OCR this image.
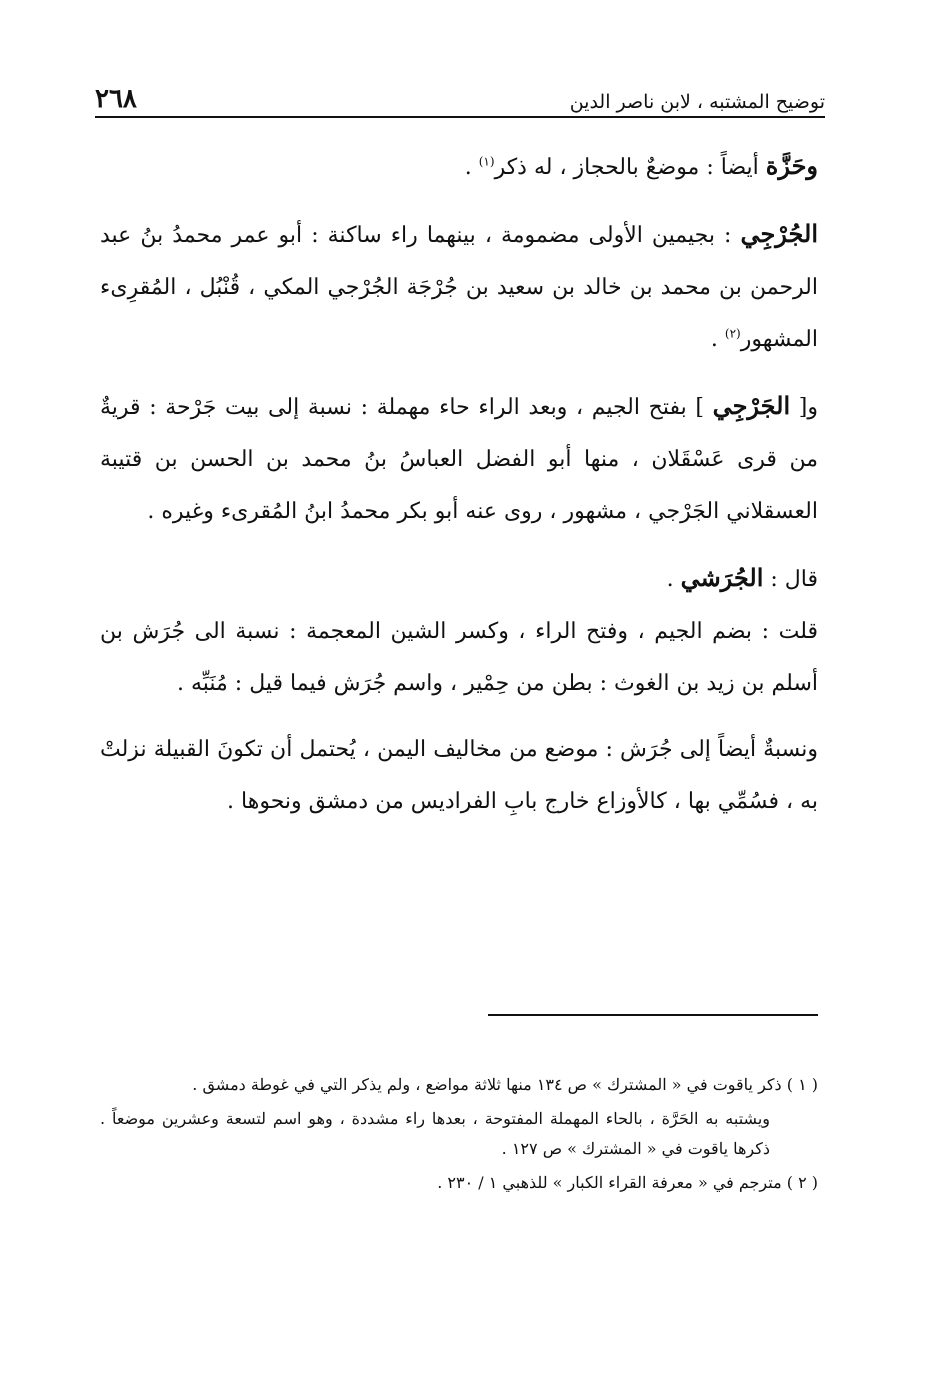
توضيح المشتبه ، لابن ناصر الدين
٢٦٨

وحَزَّة أيضاً : موضعٌ بالحجاز ، له ذكر$^{(١)}$ .

الجُرْجِي : بجيمين الأولى مضمومة ، بينهما راء ساكنة : أبو عمر محمدُ بنُ عبد الرحمن بن محمد بن خالد بن سعيد بن جُرْجَة الجُرْجي المكي ، قُنْبُل ، المُقرِىء المشهور$^{(٢)}$ .

و[ الجَرْجِي ] بفتح الجيم ، وبعد الراء حاء مهملة : نسبة إلى بيت جَرْحة : قريةٌ من قرى عَسْقَلان ، منها أبو الفضل العباسُ بنُ محمد بن الحسن بن قتيبة العسقلاني الجَرْجي ، مشهور ، روى عنه أبو بكر محمدُ ابنُ المُقرىء وغيره .

قال : الجُرَشي .

قلت : بضم الجيم ، وفتح الراء ، وكسر الشين المعجمة : نسبة الى جُرَش بن أسلم بن زيد بن الغوث : بطن من حِمْير ، واسم جُرَش فيما قيل : مُنَبِّه .

ونسبةٌ أيضاً إلى جُرَش : موضع من مخاليف اليمن ، يُحتمل أن تكونَ القبيلة نزلتْ به ، فسُمِّي بها ، كالأوزاع خارج بابِ الفراديس من دمشق ونحوها .

( ١ ) ذكر ياقوت في « المشترك » ص ١٣٤ منها ثلاثة مواضع ، ولم يذكر التي في غوطة دمشق .

ويشتبه به الحَرَّة ، بالحاء المهملة المفتوحة ، بعدها راء مشددة ، وهو اسم لتسعة وعشرين موضعاً . ذكرها ياقوت في « المشترك » ص ١٢٧ .

( ٢ ) مترجم في « معرفة القراء الكبار » للذهبي ١ / ٢٣٠ .
